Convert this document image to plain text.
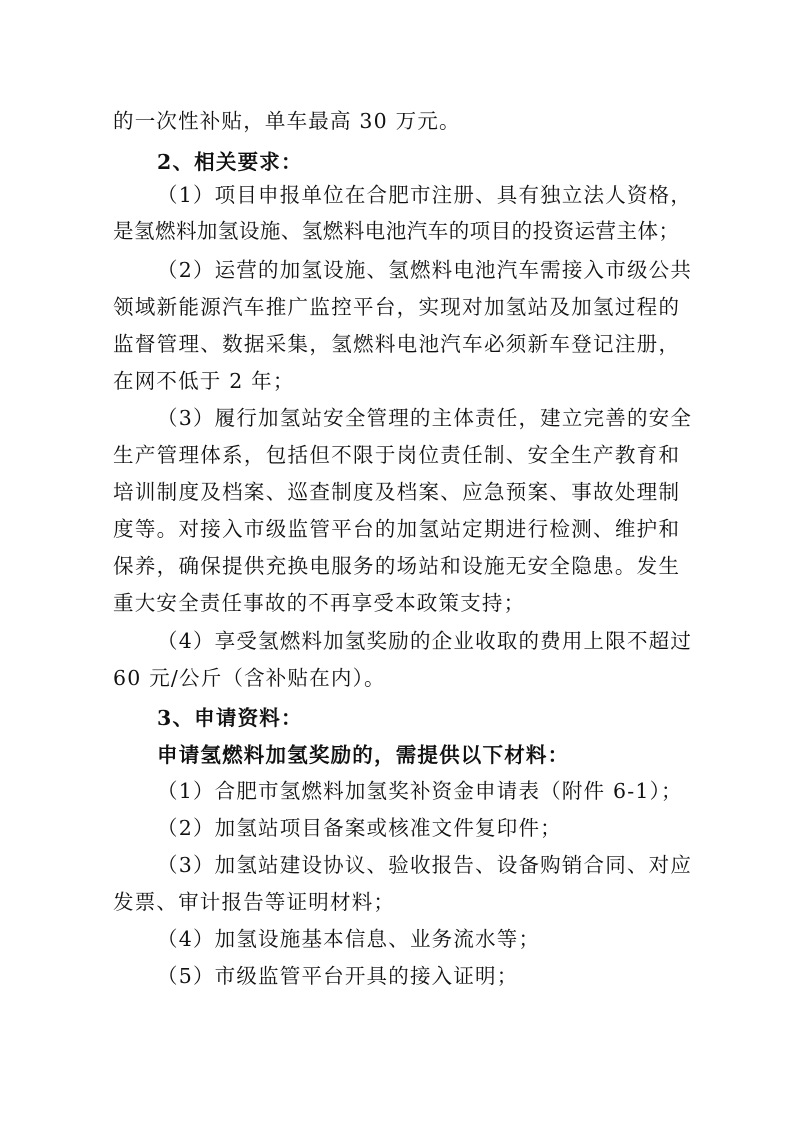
的一次性补贴，单车最高 30 万元。
2、相关要求：
（1）项目申报单位在合肥市注册、具有独立法人资格，
是氢燃料加氢设施、氢燃料电池汽车的项目的投资运营主体；
（2）运营的加氢设施、氢燃料电池汽车需接入市级公共
领域新能源汽车推广监控平台，实现对加氢站及加氢过程的
监督管理、数据采集，氢燃料电池汽车必须新车登记注册，
在网不低于 2 年；
（3）履行加氢站安全管理的主体责任，建立完善的安全
生产管理体系，包括但不限于岗位责任制、安全生产教育和
培训制度及档案、巡查制度及档案、应急预案、事故处理制
度等。对接入市级监管平台的加氢站定期进行检测、维护和
保养，确保提供充换电服务的场站和设施无安全隐患。发生
重大安全责任事故的不再享受本政策支持；
（4）享受氢燃料加氢奖励的企业收取的费用上限不超过
60 元/公斤（含补贴在内）。
3、申请资料：
申请氢燃料加氢奖励的，需提供以下材料：
（1）合肥市氢燃料加氢奖补资金申请表（附件 6-1）；
（2）加氢站项目备案或核准文件复印件；
（3）加氢站建设协议、验收报告、设备购销合同、对应
发票、审计报告等证明材料；
（4）加氢设施基本信息、业务流水等；
（5）市级监管平台开具的接入证明；
